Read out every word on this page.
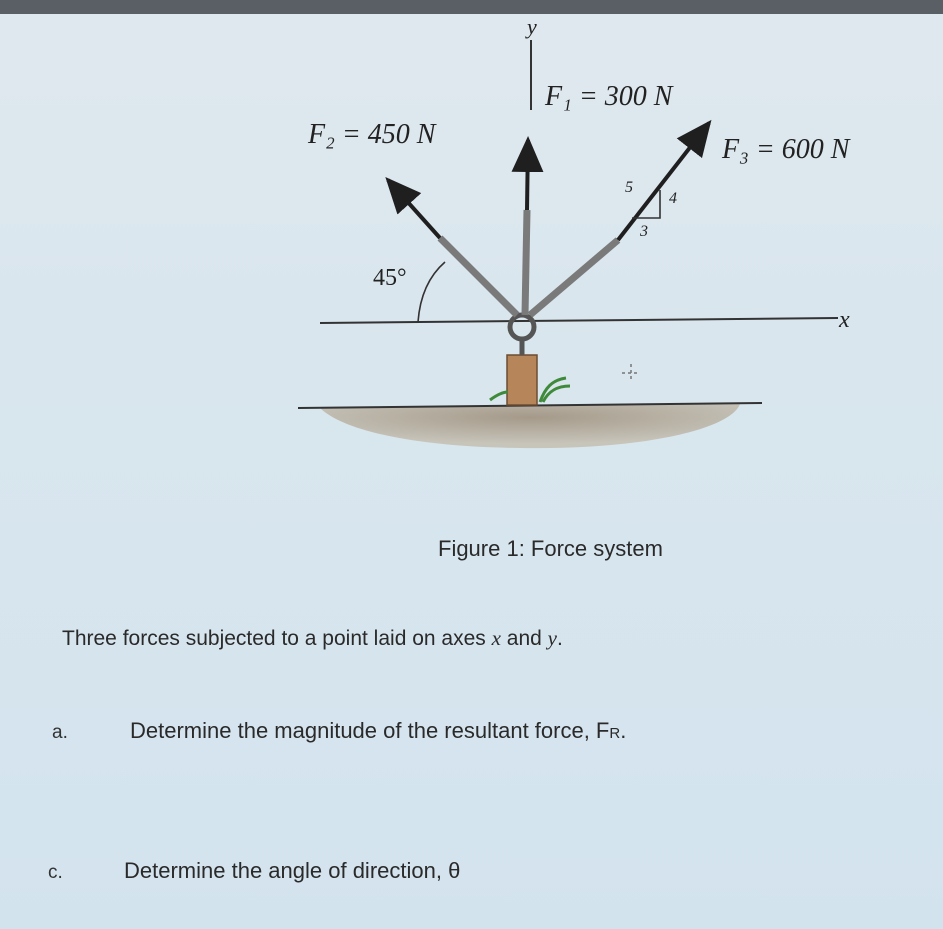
y
x
F₁ = 300 N
F₂ = 450 N	F₃ = 600 N
45°
5
4
3
Figure 1: Force system
Three forces subjected to a point laid on axes x and y.
a.	Determine the magnitude of the resultant force, FR.
c.	Determine the angle of direction, θ
